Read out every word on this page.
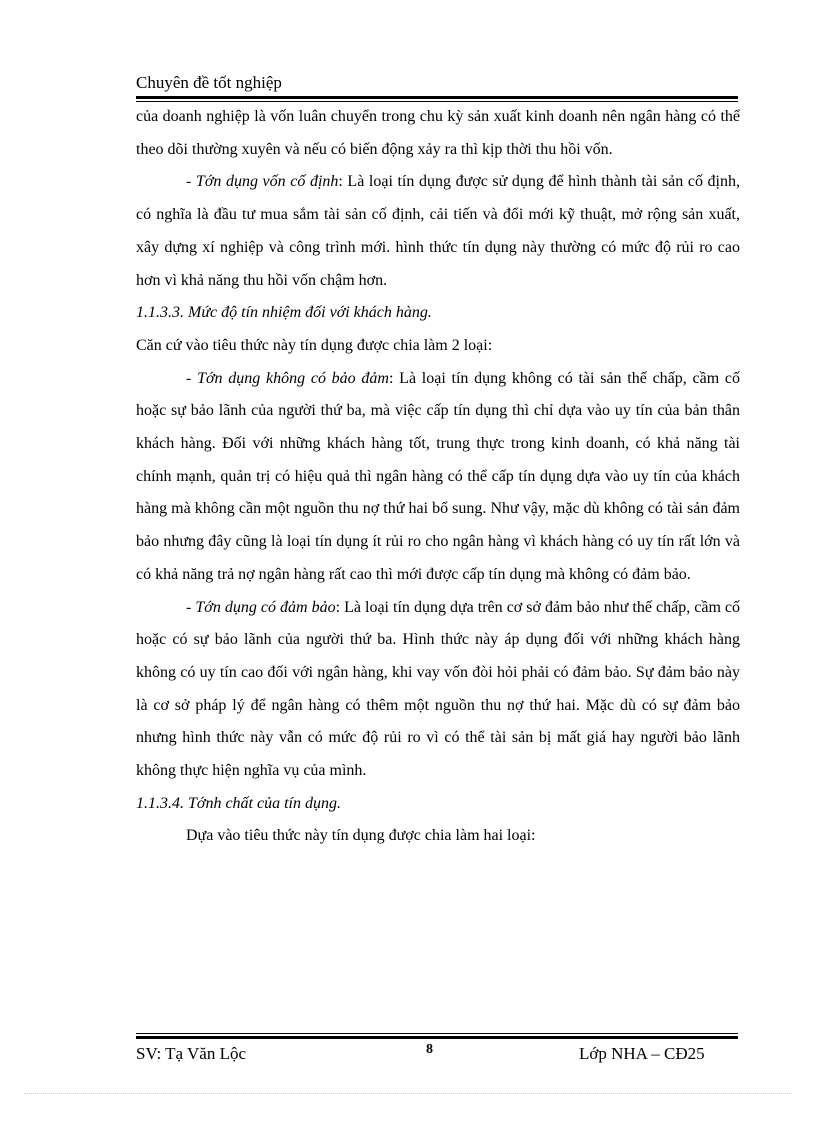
Chuyên đề tốt nghiệp

của doanh nghiệp là vốn luân chuyển trong chu kỳ sản xuất kinh doanh nên ngân hàng có thể theo dõi thường xuyên và nếu có biến động xảy ra thì kịp thời thu hồi vốn.

- Tớn dụng vốn cố định: Là loại tín dụng được sử dụng để hình thành tài sản cố định, có nghĩa là đầu tư mua sắm tài sản cố định, cải tiến và đổi mới kỹ thuật, mở rộng sản xuất, xây dựng xí nghiệp và công trình mới. hình thức tín dụng này thường có mức độ rủi ro cao hơn vì khả năng thu hồi vốn chậm hơn.

1.1.3.3. Mức độ tín nhiệm đối với khách hàng.

Căn cứ vào tiêu thức này tín dụng được chia làm 2 loại:

- Tớn dụng không có bảo đảm: Là loại tín dụng không có tài sản thế chấp, cầm cố hoặc sự bảo lãnh của người thứ ba, mà việc cấp tín dụng thì chỉ dựa vào uy tín của bản thân khách hàng. Đối với những khách hàng tốt, trung thực trong kinh doanh, có khả năng tài chính mạnh, quản trị có hiệu quả thì ngân hàng có thể cấp tín dụng dựa vào uy tín của khách hàng mà không cần một nguồn thu nợ thứ hai bổ sung. Như vậy, mặc dù không có tài sản đảm bảo nhưng đây cũng là loại tín dụng ít rủi ro cho ngân hàng vì khách hàng có uy tín rất lớn và có khả năng trả nợ ngân hàng rất cao thì mới được cấp tín dụng mà không có đảm bảo.

- Tớn dụng có đảm bảo: Là loại tín dụng dựa trên cơ sở đảm bảo như thế chấp, cầm cố hoặc có sự bảo lãnh của người thứ ba. Hình thức này áp dụng đối với những khách hàng không có uy tín cao đối với ngân hàng, khi vay vốn đòi hỏi phải có đảm bảo. Sự đảm bảo này là cơ sở pháp lý để ngân hàng có thêm một nguồn thu nợ thứ hai. Mặc dù có sự đảm bảo nhưng hình thức này vẫn có mức độ rủi ro vì có thể tài sản bị mất giá hay người bảo lãnh không thực hiện nghĩa vụ của mình.

1.1.3.4. Tớnh chất của tín dụng.

Dựa vào tiêu thức này tín dụng được chia làm hai loại:

SV: Tạ Văn Lộc	8	Lớp NHA – CĐ25
